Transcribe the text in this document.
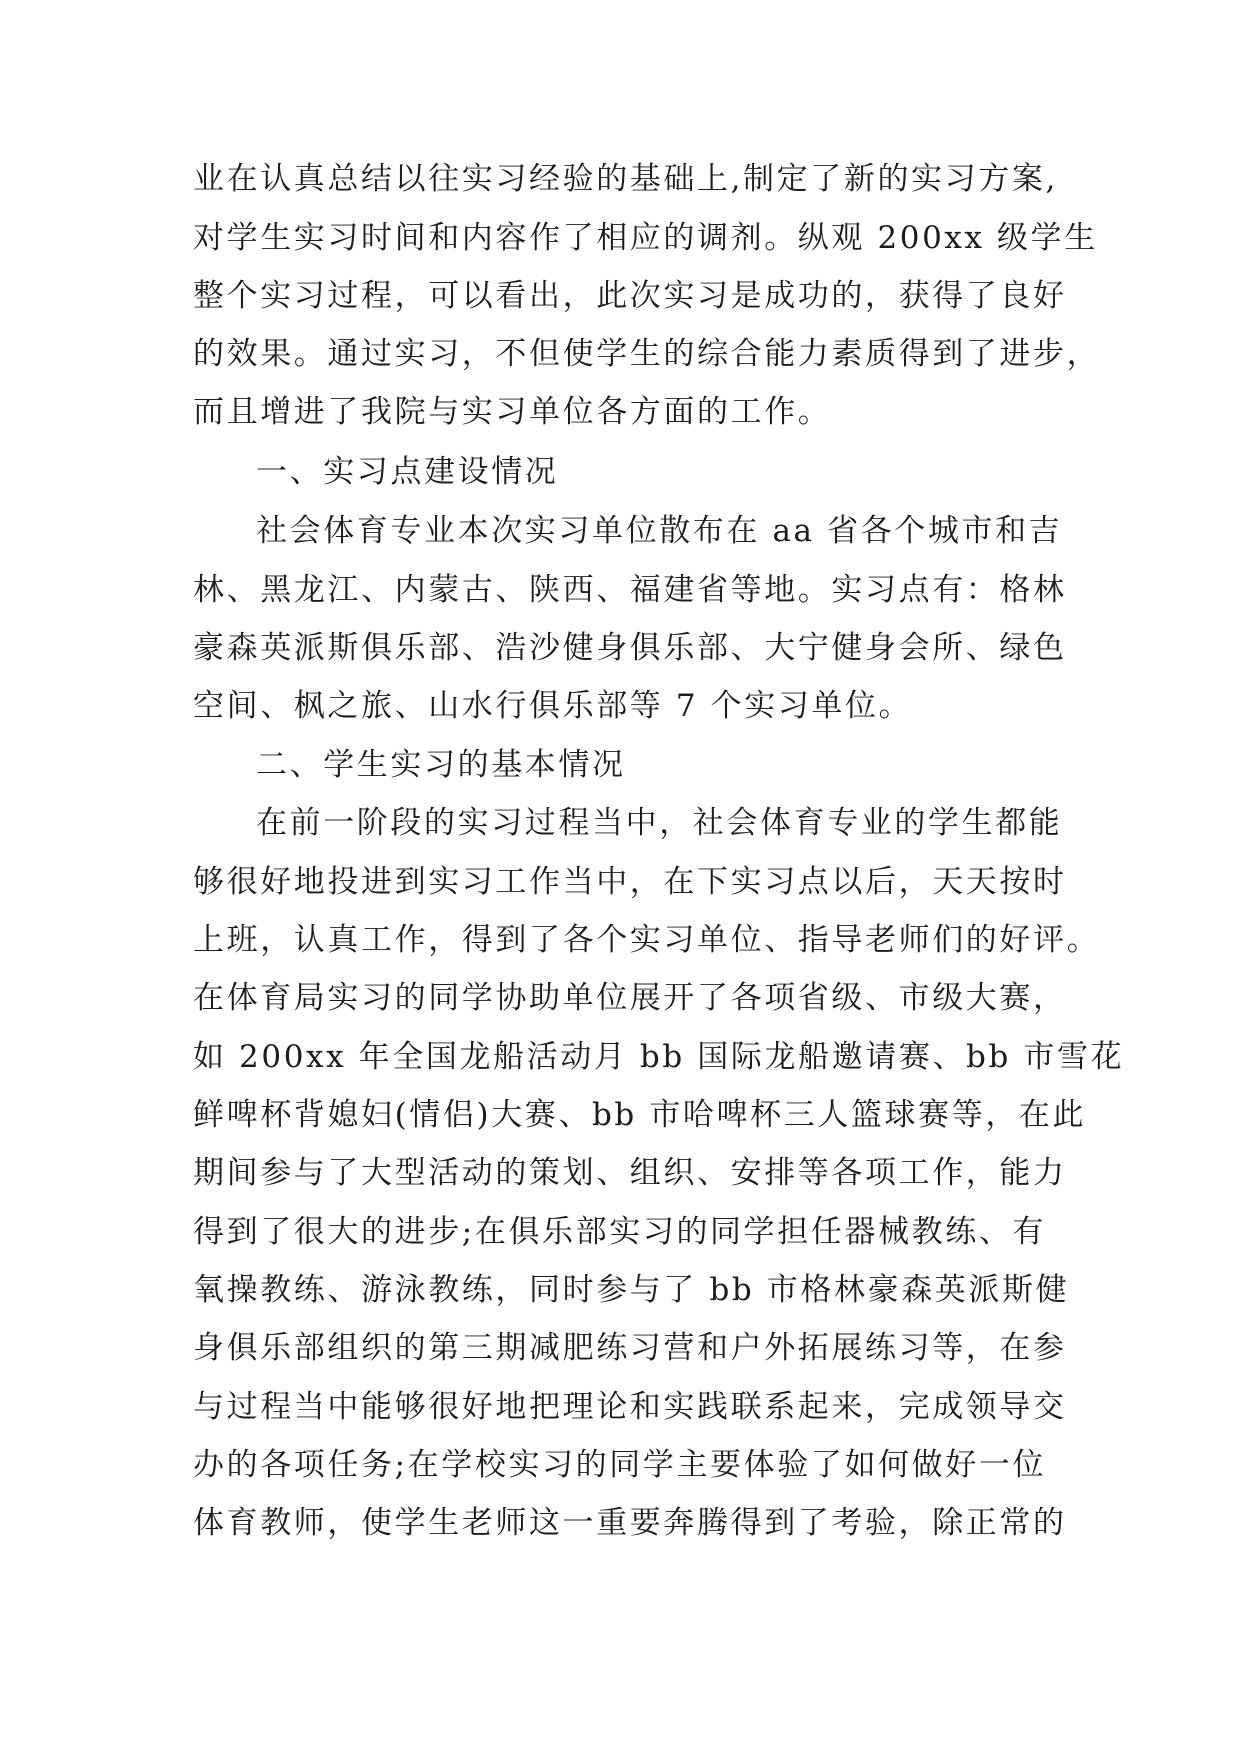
业在认真总结以往实习经验的基础上,制定了新的实习方案,
对学生实习时间和内容作了相应的调剂。纵观 200xx 级学生
整个实习过程，可以看出，此次实习是成功的，获得了良好
的效果。通过实习，不但使学生的综合能力素质得到了进步，
而且增进了我院与实习单位各方面的工作。
一、实习点建设情况
社会体育专业本次实习单位散布在 aa 省各个城市和吉
林、黑龙江、内蒙古、陕西、福建省等地。实习点有：格林
豪森英派斯俱乐部、浩沙健身俱乐部、大宁健身会所、绿色
空间、枫之旅、山水行俱乐部等 7 个实习单位。
二、学生实习的基本情况
在前一阶段的实习过程当中，社会体育专业的学生都能
够很好地投进到实习工作当中，在下实习点以后，天天按时
上班，认真工作，得到了各个实习单位、指导老师们的好评。
在体育局实习的同学协助单位展开了各项省级、市级大赛，
如 200xx 年全国龙船活动月 bb 国际龙船邀请赛、bb 市雪花
鲜啤杯背媳妇(情侣)大赛、bb 市哈啤杯三人篮球赛等，在此
期间参与了大型活动的策划、组织、安排等各项工作，能力
得到了很大的进步;在俱乐部实习的同学担任器械教练、有
氧操教练、游泳教练，同时参与了 bb 市格林豪森英派斯健
身俱乐部组织的第三期减肥练习营和户外拓展练习等，在参
与过程当中能够很好地把理论和实践联系起来，完成领导交
办的各项任务;在学校实习的同学主要体验了如何做好一位
体育教师，使学生老师这一重要奔腾得到了考验，除正常的
